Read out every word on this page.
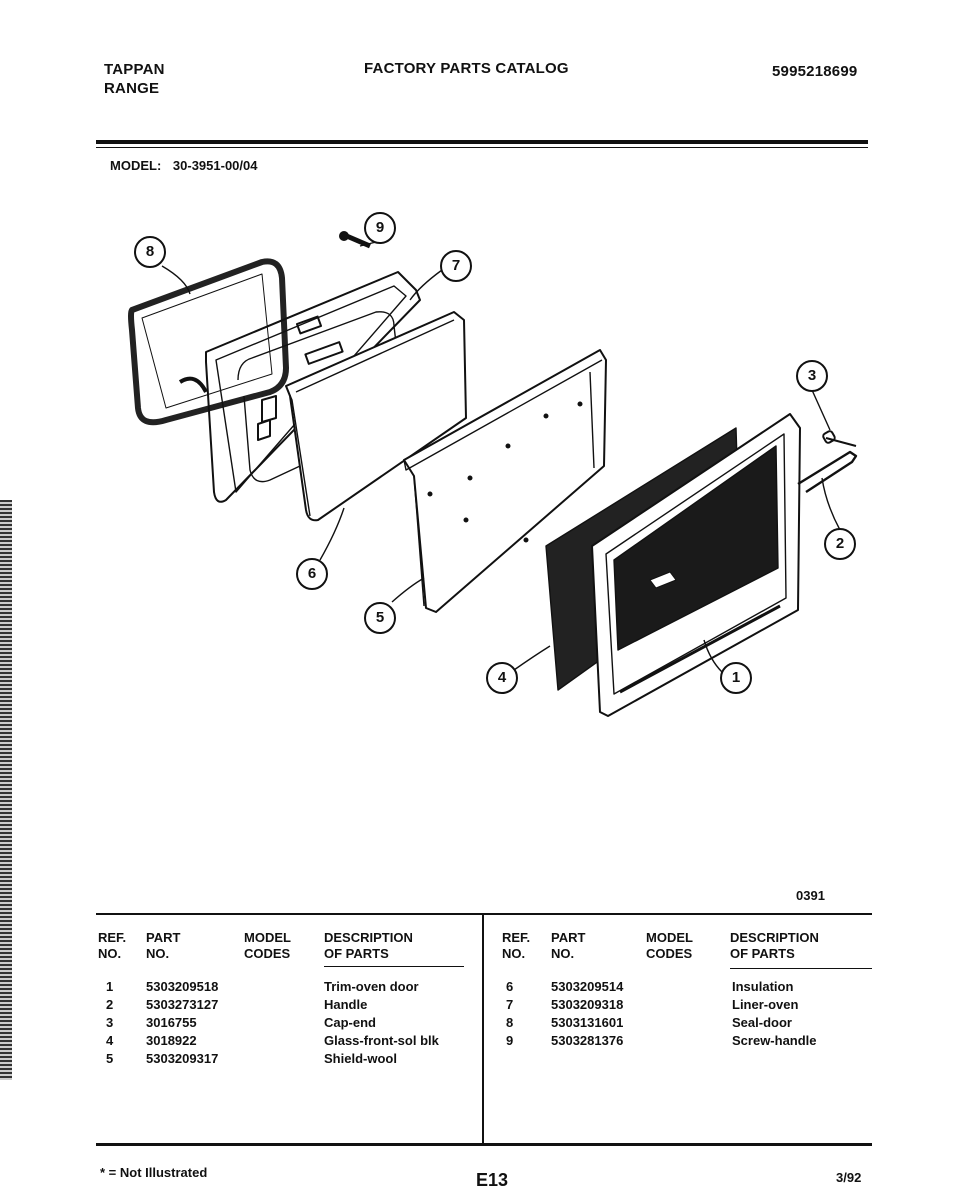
TAPPAN
RANGE
FACTORY PARTS CATALOG	5995218699
MODEL: 30-3951-00/04
8
9
7
3
2
6
5
4	1
0391
REF.
NO.
PART
NO.
MODEL
CODES
DESCRIPTION
OF PARTS
REF.
NO.
PART
NO.
MODEL
CODES
DESCRIPTION
OF PARTS
1	5303209518	Trim-oven door
2	5303273127	Handle
3	3016755	Cap-end
4	3018922	Glass-front-sol blk
5	5303209317	Shield-wool
6	5303209514	Insulation
7	5303209318	Liner-oven
8	5303131601	Seal-door
9	5303281376	Screw-handle
* = Not Illustrated	E13	3/92
